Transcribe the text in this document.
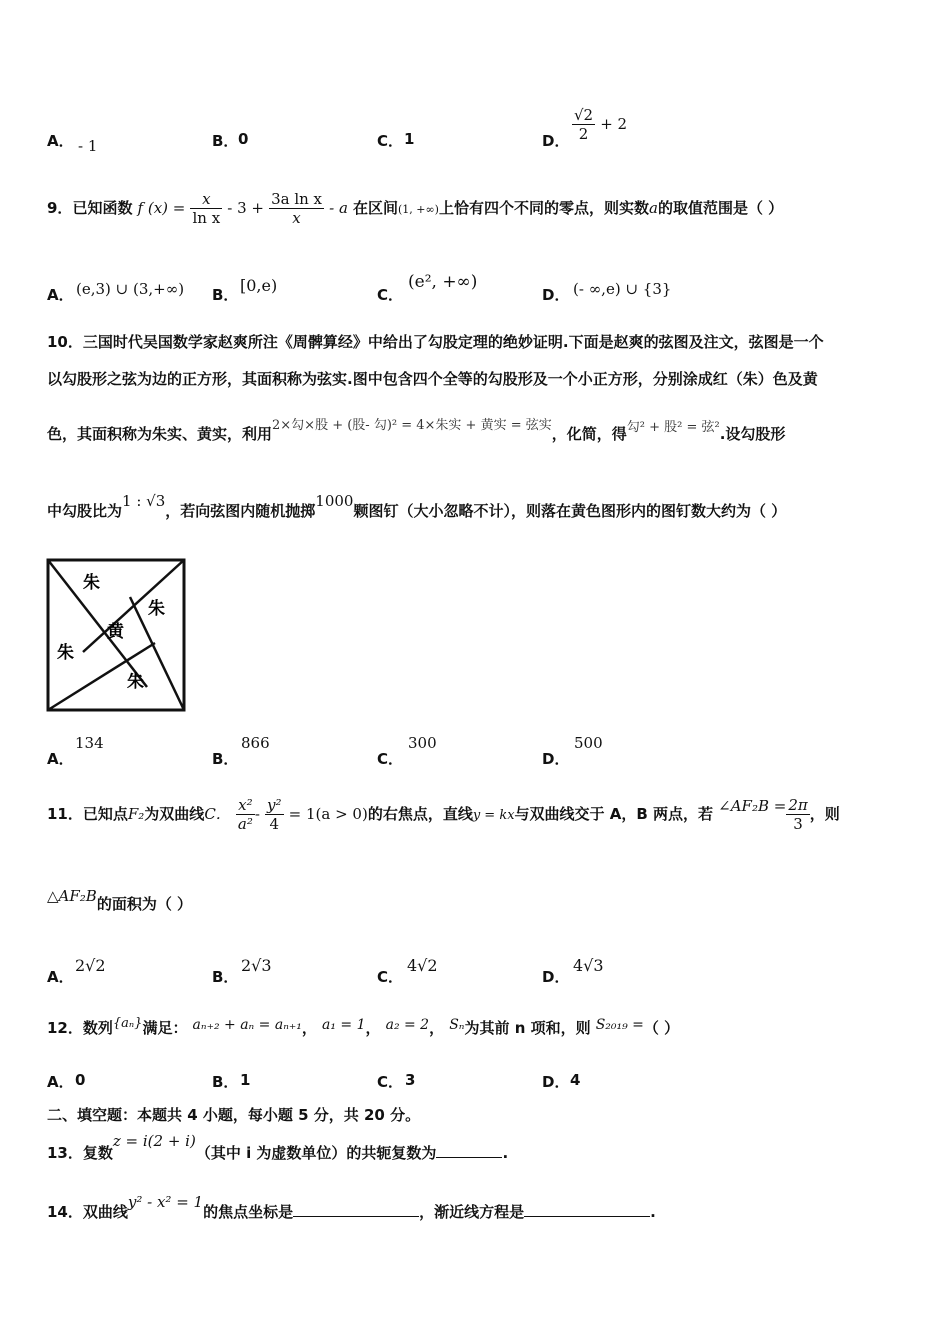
A． - 1	B． 0	C． 1	D． $\frac{√2}{2} + 2$
9．已知函数 f $(x) = \frac{x}{\text{ln x}} - 3 + \frac{\text{3a ln x}}{x} - a$ 在区间(1, +∞)上恰有四个不同的零点，则实数a的取值范围是（ ）
A． (e,3) ∪ (3,+∞) B． [0,e)	C．
(e², +∞)
D． (- ∞,e) ∪ {3}
10．三国时代吴国数学家赵爽所注《周髀算经》中给出了勾股定理的绝妙证明.下面是赵爽的弦图及注文，弦图是一个
以勾股形之弦为边的正方形，其面积称为弦实.图中包含四个全等的勾股形及一个小正方形，分别涂成红（朱）色及黄
色，其面积称为朱实、黄实，利用$^{2\times 勾\times 股 + (股- 勾)^2 = 4\times 朱实 + 黄实 = 弦实}$，化简，得$^{勾^2 + 股^2 = 弦^2}$.设勾股形
中勾股比为1 : √3，若向弦图内随机抛掷1000颗图钉（大小忽略不计），则落在黄色图形内的图钉数大约为（ ）
朱
朱
黄
朱
朱
A．
134
B．
866
C．
300
D．
500
11．已知点F₂为双曲线C． $\frac{\text{x²}}{\text{a²}} - \frac{\text{y²}}{4} = 1(a > 0)$的右焦点，直线y = kx与双曲线交于 A，B 两点，若 ∠AF₂B = $\frac{2\pi}{3}$ ，则
△AF₂B的面积为（ ）
A．
2√2
B．
2√3
C．
4√2
D．
4√3
12．数列$^{\{a_n\}}$满足： aₙ₊₂ + aₙ = aₙ₊₁， a₁ = 1， a₂ = 2， Sₙ为其前 n 项和，则 S₂₀₁₉ =（ ）
A． 0	B． 1	C． 3	D． 4
二、填空题：本题共 4 小题，每小题 5 分，共 20 分。
13．复数z = i(2 + i)（其中 i 为虚数单位）的共轭复数为	.
14．双曲线y² - x² = 1的焦点坐标是	，渐近线方程是	.
